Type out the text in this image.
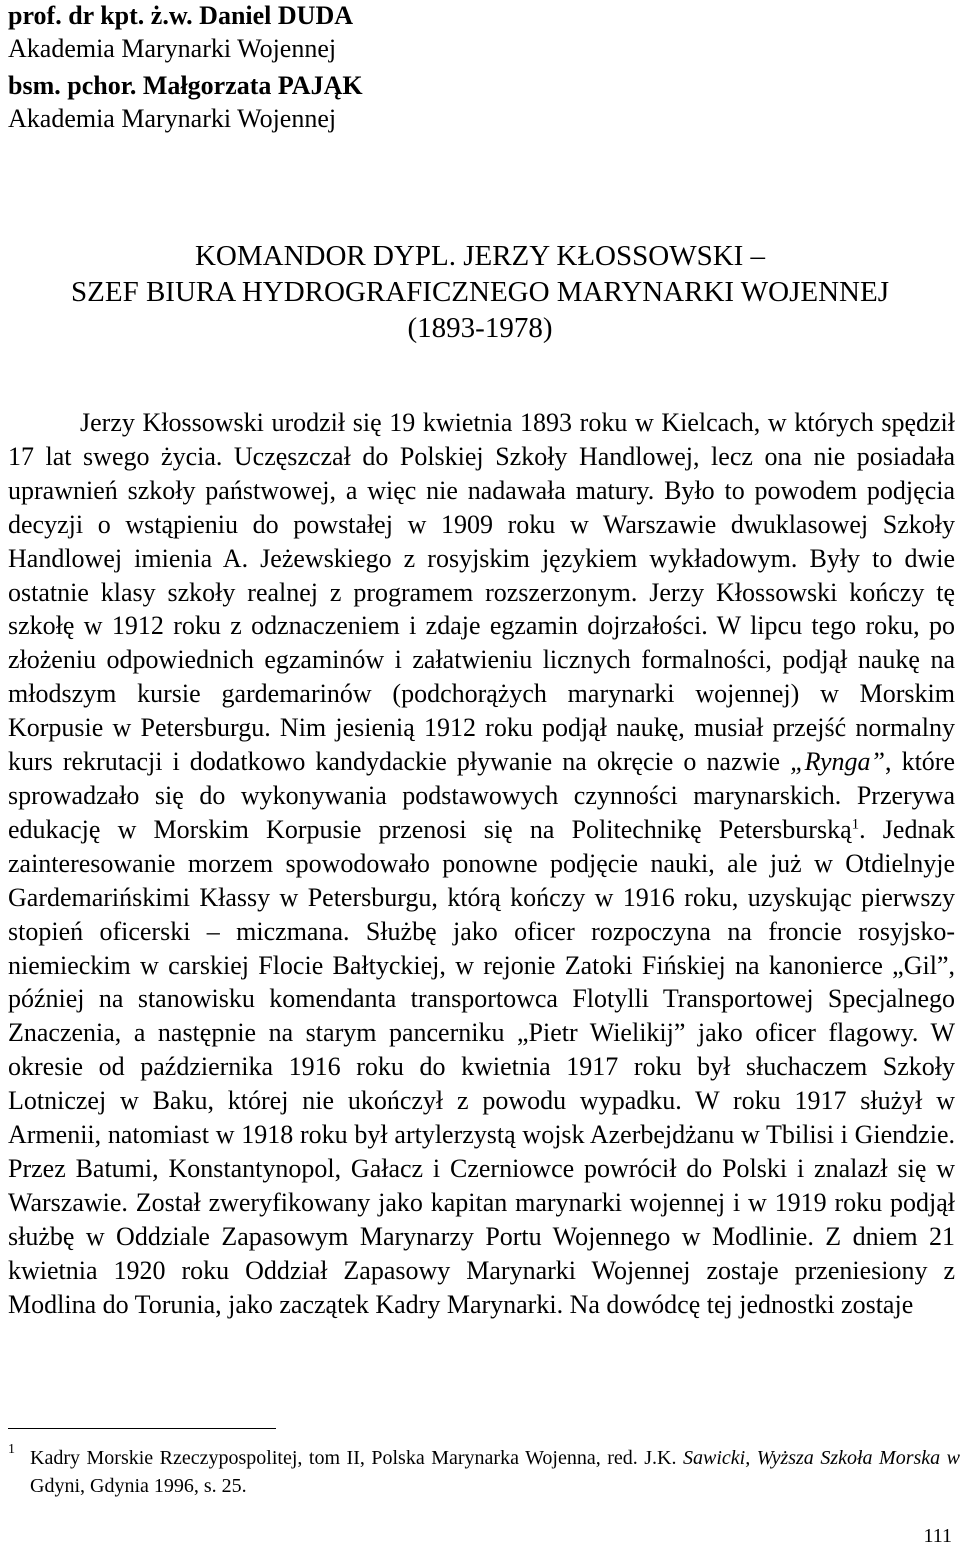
prof. dr kpt. ż.w. Daniel DUDA
Akademia Marynarki Wojennej
bsm. pchor. Małgorzata PAJĄK
Akademia Marynarki Wojennej
KOMANDOR DYPL. JERZY KŁOSSOWSKI –
SZEF BIURA HYDROGRAFICZNEGO MARYNARKI WOJENNEJ
(1893-1978)
Jerzy Kłossowski urodził się 19 kwietnia 1893 roku w Kielcach, w których spędził 17 lat swego życia. Uczęszczał do Polskiej Szkoły Handlowej, lecz ona nie posiadała uprawnień szkoły państwowej, a więc nie nadawała matury. Było to powodem podjęcia decyzji o wstąpieniu do powstałej w 1909 roku w Warszawie dwuklasowej Szkoły Handlowej imienia A. Jeżewskiego z rosyjskim językiem wykładowym. Były to dwie ostatnie klasy szkoły realnej z programem rozszerzonym. Jerzy Kłossowski kończy tę szkołę w 1912 roku z odznaczeniem i zdaje egzamin dojrzałości. W lipcu tego roku, po złożeniu odpowiednich egzaminów i załatwieniu licznych formalności, podjął naukę na młodszym kursie gardemarinów (podchorążych marynarki wojennej) w Morskim Korpusie w Petersburgu. Nim jesienią 1912 roku podjął naukę, musiał przejść normalny kurs rekrutacji i dodatkowo kandydackie pływanie na okręcie o nazwie „Rynga”, które sprowadzało się do wykonywania podstawowych czynności marynarskich. Przerywa edukację w Morskim Korpusie przenosi się na Politechnikę Petersburską$^1$. Jednak zainteresowanie morzem spowodowało ponowne podjęcie nauki, ale już w Otdielnyje Gardemarińskimi Kłassy w Petersburgu, którą kończy w 1916 roku, uzyskując pierwszy stopień oficerski – miczmana. Służbę jako oficer rozpoczyna na froncie rosyjsko-niemieckim w carskiej Flocie Bałtyckiej, w rejonie Zatoki Fińskiej na kanonierce „Gil”, później na stanowisku komendanta transportowca Flotylli Transportowej Specjalnego Znaczenia, a następnie na starym pancerniku „Pietr Wielikij” jako oficer flagowy. W okresie od października 1916 roku do kwietnia 1917 roku był słuchaczem Szkoły Lotniczej w Baku, której nie ukończył z powodu wypadku. W roku 1917 służył w Armenii, natomiast w 1918 roku był artylerzystą wojsk Azerbejdżanu w Tbilisi i Giendzie. Przez Batumi, Konstantynopol, Gałacz i Czerniowce powrócił do Polski i znalazł się w Warszawie. Został zweryfikowany jako kapitan marynarki wojennej i w 1919 roku podjął służbę w Oddziale Zapasowym Marynarzy Portu Wojennego w Modlinie. Z dniem 21 kwietnia 1920 roku Oddział Zapasowy Marynarki Wojennej zostaje przeniesiony z Modlina do Torunia, jako zaczątek Kadry Marynarki. Na dowódcę tej jednostki zostaje
1 Kadry Morskie Rzeczypospolitej, tom II, Polska Marynarka Wojenna, red. J.K. Sawicki, Wyższa Szkoła Morska w Gdyni, Gdynia 1996, s. 25.
111
